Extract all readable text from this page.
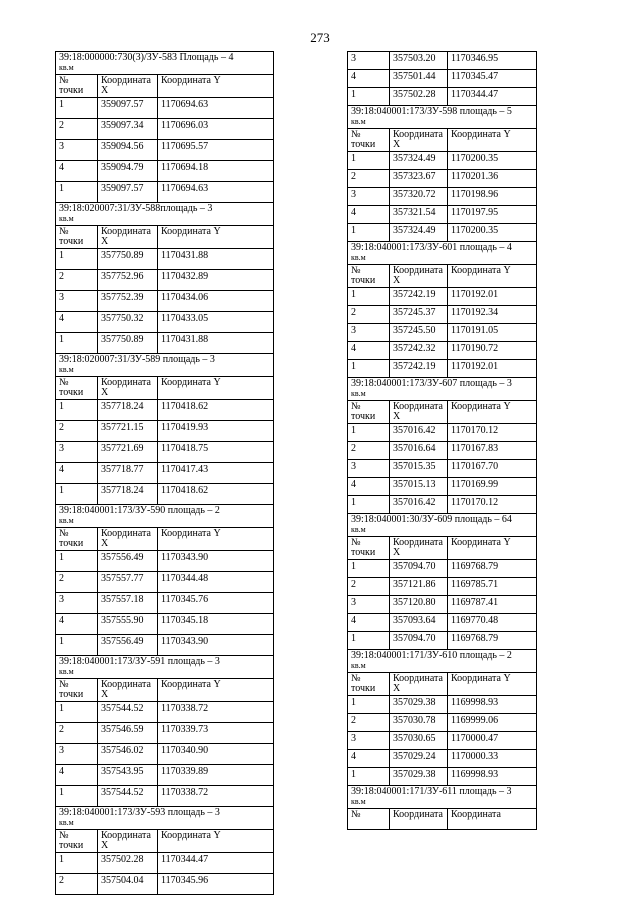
273
39:18:000000:730(3)/ЗУ-583 Площадь – 4
кв.м		
№ точки	Координата X	Координата Y
1	359097.57	1170694.63
2	359097.34	1170696.03
3	359094.56	1170695.57
4	359094.79	1170694.18
1	359097.57	1170694.63
39:18:020007:31/ЗУ-588площадь – 3
кв.м		
№ точки	Координата X	Координата Y
1	357750.89	1170431.88
2	357752.96	1170432.89
3	357752.39	1170434.06
4	357750.32	1170433.05
1	357750.89	1170431.88
39:18:020007:31/ЗУ-589 площадь – 3
кв.м		
№ точки	Координата X	Координата Y
1	357718.24	1170418.62
2	357721.15	1170419.93
3	357721.69	1170418.75
4	357718.77	1170417.43
1	357718.24	1170418.62
39:18:040001:173/ЗУ-590 площадь – 2
кв.м		
№ точки	Координата X	Координата Y
1	357556.49	1170343.90
2	357557.77	1170344.48
3	357557.18	1170345.76
4	357555.90	1170345.18
1	357556.49	1170343.90
39:18:040001:173/ЗУ-591 площадь – 3
кв.м		
№ точки	Координата X	Координата Y
1	357544.52	1170338.72
2	357546.59	1170339.73
3	357546.02	1170340.90
4	357543.95	1170339.89
1	357544.52	1170338.72
39:18:040001:173/ЗУ-593 площадь – 3
кв.м		
№ точки	Координата X	Координата Y
1	357502.28	1170344.47
2	357504.04	1170345.96
3	357503.20	1170346.95
4	357501.44	1170345.47
1	357502.28	1170344.47
39:18:040001:173/ЗУ-598 площадь – 5
кв.м		
№ точки	Координата X	Координата Y
1	357324.49	1170200.35
2	357323.67	1170201.36
3	357320.72	1170198.96
4	357321.54	1170197.95
1	357324.49	1170200.35
39:18:040001:173/ЗУ-601 площадь – 4
кв.м		
№ точки	Координата X	Координата Y
1	357242.19	1170192.01
2	357245.37	1170192.34
3	357245.50	1170191.05
4	357242.32	1170190.72
1	357242.19	1170192.01
39:18:040001:173/ЗУ-607 площадь – 3
кв.м		
№ точки	Координата X	Координата Y
1	357016.42	1170170.12
2	357016.64	1170167.83
3	357015.35	1170167.70
4	357015.13	1170169.99
1	357016.42	1170170.12
39:18:040001:30/ЗУ-609 площадь – 64
кв.м		
№ точки	Координата X	Координата Y
1	357094.70	1169768.79
2	357121.86	1169785.71
3	357120.80	1169787.41
4	357093.64	1169770.48
1	357094.70	1169768.79
39:18:040001:171/ЗУ-610 площадь – 2
кв.м		
№ точки	Координата X	Координата Y
1	357029.38	1169998.93
2	357030.78	1169999.06
3	357030.65	1170000.47
4	357029.24	1170000.33
1	357029.38	1169998.93
39:18:040001:171/ЗУ-611 площадь – 3
кв.м		
№	Координата	Координата
